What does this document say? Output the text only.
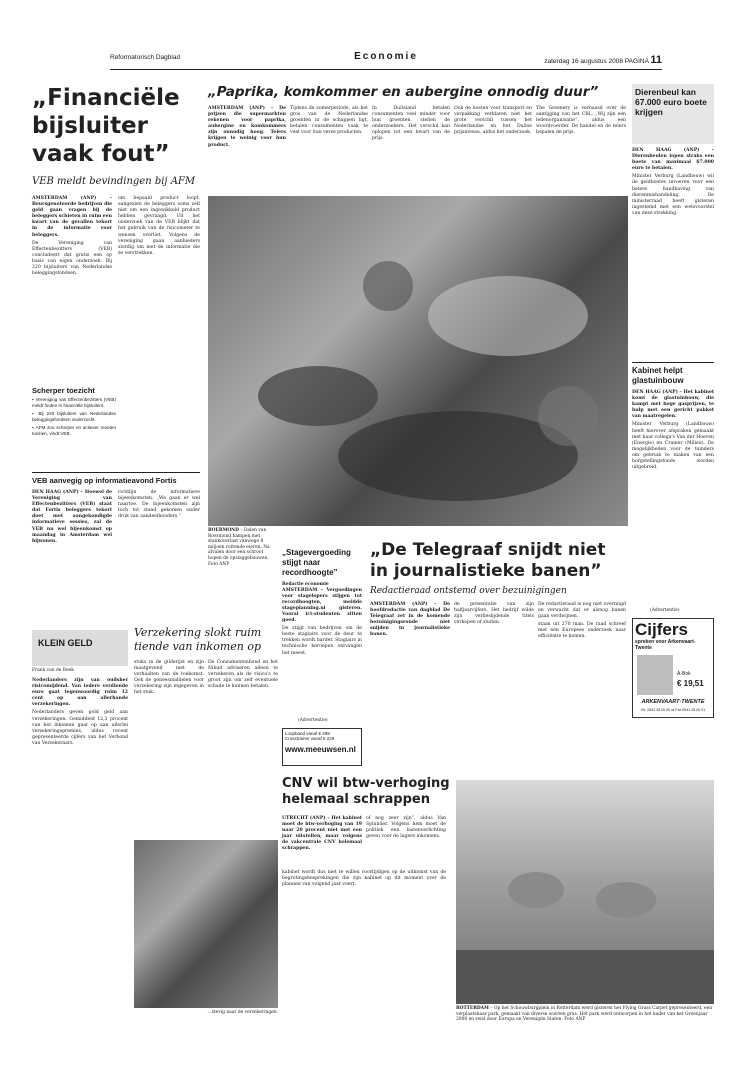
Reformatorisch Dagblad	Economie	zaterdag 16 augustus 2008 PAGINA 11
„Financiële bijsluiter vaak fout”
VEB meldt bevindingen bij AFM

AMSTERDAM (ANP) – Beursgenoteerde bedrijven die geld gaan vragen bij de beleggers schieten in ruim een kwart van de gevallen tekort in de informatie voor beleggers.

De Vereniging van Effectenbezitters (VEB) concludeert dat gratis een op basis van eigen onderzoek. Bij 220 bijsluiters van Nederlandse beleggingsfondsen.

om bepaald product loopt, aangezien de beleggers soms zelf niet om een ingewikkeld product hebben gevraagd. Uit het onderzoek van de VEB blijkt dat het gebruik van de risicometer te wensen overliet. Volgens de vereniging gaan aanbieders slordig om met de informatie die ze verstrekken.

Scherper toezicht
▪ Vereniging van Effectenbezitters (VEB) meldt fouten in financiële bijsluiters.
▪ Bij 220 bijsluiters van Nederlandse beleggingsfondsen onderzocht.
▪ AFM zou scherper en actiever moeten toezien, vindt VEB.
VEB aanvegig op informatieavond Fortis

DEN HAAG (ANP) – Hoewel de Vereniging van Effectenbezitters (VEB) staat dat Fortis beleggers tekort doet met aangekondigde informatieve sessies, zal de VEB nu wel bijeenkomst op maandag in Amsterdam wel bijwonen.

richtlijn de informatieve bijeenkomsten. „We gaan er wel naartoe. De bijeenkomsten zijn toch tot stand gekomen onder druk van aandeelhouders.”

„Paprika, komkommer en aubergine onnodig duur”

AMSTERDAM (ANP) – De prijzen die supermarkten rekenen voor paprika, aubergine en komkommers zijn onnodig hoog. Telers krijgen te weinig voor hun product.

Tijdens de zomerperiode, als het gros van de Nederlandse groenten in de schappen ligt, betalen consumenten vaak te veel voor hun verse producten.

In Duitsland betalen consumenten veel minder voor hun groenten, stellen de onderzoekers. Het verschil kan oplopen tot een kwart van de prijs.

Ook de kosten voor transport en verpakking verklaren niet het grote verschil tussen het Nederlandse en het Duitse prijsniveau, aldus het onderzoek.

The Greenery is verbaasd over de aantijging van het CBL. „Wij zijn een ledenorganisatie”, aldus een woordvoerder. De handel en de telers bepalen de prijs.

ROERMOND – Dalen van Roermond hampen met stankoverlast vanwege 8 miljoen rottende eieren. Na afvalen door een schroot hopen de opslaggebouwen. Foto ANP
Dierenbeul kan 67.000 euro boete krijgen

DEN HAAG (ANP) – Dierenbeulen lopen straks een boete van maximaal 67.000 euro te betalen.

Minister Verburg (Landbouw) wil de geldboetes invoeren voor een betere handhaving van dierenmishandeling. De ministerraad heeft gisteren ingestemd met een wetsvoorstel van deze strekking.

Kabinet helpt glastuinbouw

DEN HAAG (ANP) – Het kabinet komt de glastuinbouw, die kampt met hoge gasprijzen, te hulp met een gericht pakket van maatregelen.

Minister Verburg (Landbouw) heeft hierover afspraken gemaakt met haar collega's Van der Hoeven (Energie) en Cramer (Milieu). De mogelijkheden voor de tuinders om gebruik te maken van een borgstellingsfonds worden uitgebreid.

(Advertentie)
Cijfers
spreken voor Arkenvaart-Twente
A-Bok
€ 19,51
ARKENVAART·TWENTE
Tel. 0541 28 00 00 of Fax 0541 28 00 01
„Stagevergoeding stijgt naar recordhoogte”
Redactie economie

AMSTERDAM – Vergoedingen voor stagelopers stijgen tot recordhoogten, meldde stageplanning.nl gisteren. Vooral ict-studenten zitten goed.

De stijgt van bedrijven om de beste stagiairs voor de deur te trekken wordt harder. Stagiairs in technische beroepen ontvangen het meest.

(Advertentie)
Loopband vanaf € 499
Crosstrainer vanaf € 229
www.meeuwsen.nl
„De Telegraaf snijdt niet in journalistieke banen”
Redactieraad ontstemd over bezuinigingen

AMSTERDAM (ANP) – De hoofdredactie van dagblad De Telegraaf zet in de komende bezuinigingsronde niet snijden in journalistieke banen.

de presentatie van zijn halfjaarcijfers. Het bedrijf wilde zijn verlieslijdende titels verkopen of sluiten.

De redactieraad is nog niet overtuigd en verwacht dat er alsnog banen gaan verdwijnen.

staan uit 270 man. De raad schreef met een Europees onderzoek naar efficiëntie te komen.

KLEIN GELD
Frank van de Beek
Verzekering slokt ruim tiende van inkomen op

Nederlanders zijn van oudsher risicomijdend. Van iedere verdiende euro gaat tegenwoordig ruim 12 cent op aan allerhande verzekeringen.

Nederlanders geven gold geld aan verzekeringen. Gemiddeld 12,3 procent van het inkomen gaat op aan allerlei verzekeringspremies, aldus recent gepresenteerde cijfers van het Verbond van Verzekeraars.

stuks in de gilderijst en zijn maatgevend met de verhaalten van de toekomst. Ook de geneesmiddelen voor verzekering zijn ingegeven in het stuk.

De Consumentenbond en het Nibud adviseren alleen te verzekeren als de risico's te groot zijn om zelf eventuele schade te kunnen betalen.

...stevig naar de verzekeringen.
CNV wil btw-verhoging helemaal schrappen

UTRECHT (ANP) – Het kabinet moet de btw-verhoging van 19 naar 20 procent niet met een jaar uitstellen, maar volgens de vakcentrale CNV helemaal schrappen.

of nog zeer zijn”, aldus Van Splunder. Volgens hem moet de politiek een lastenverlichting geven voor de lagere inkomens.

kabinet wordt dus niet te willen voortijdigen op de uitkomst van de begrotingsbesprekingen die zijn kabinet op dit moment over de plannen van volgend jaar voert.

ROTTERDAM – Op het Schouwburgplein in Rotterdam werd gisteren het Flying Grass Carpet gepresenteerd, een verplaatsbaar park, gemaakt van diverse soorten gras. Het park werd ontworpen in het kader van het Groenjaar 2008 en reist door Europa en Verenigde Staten. Foto ANP
